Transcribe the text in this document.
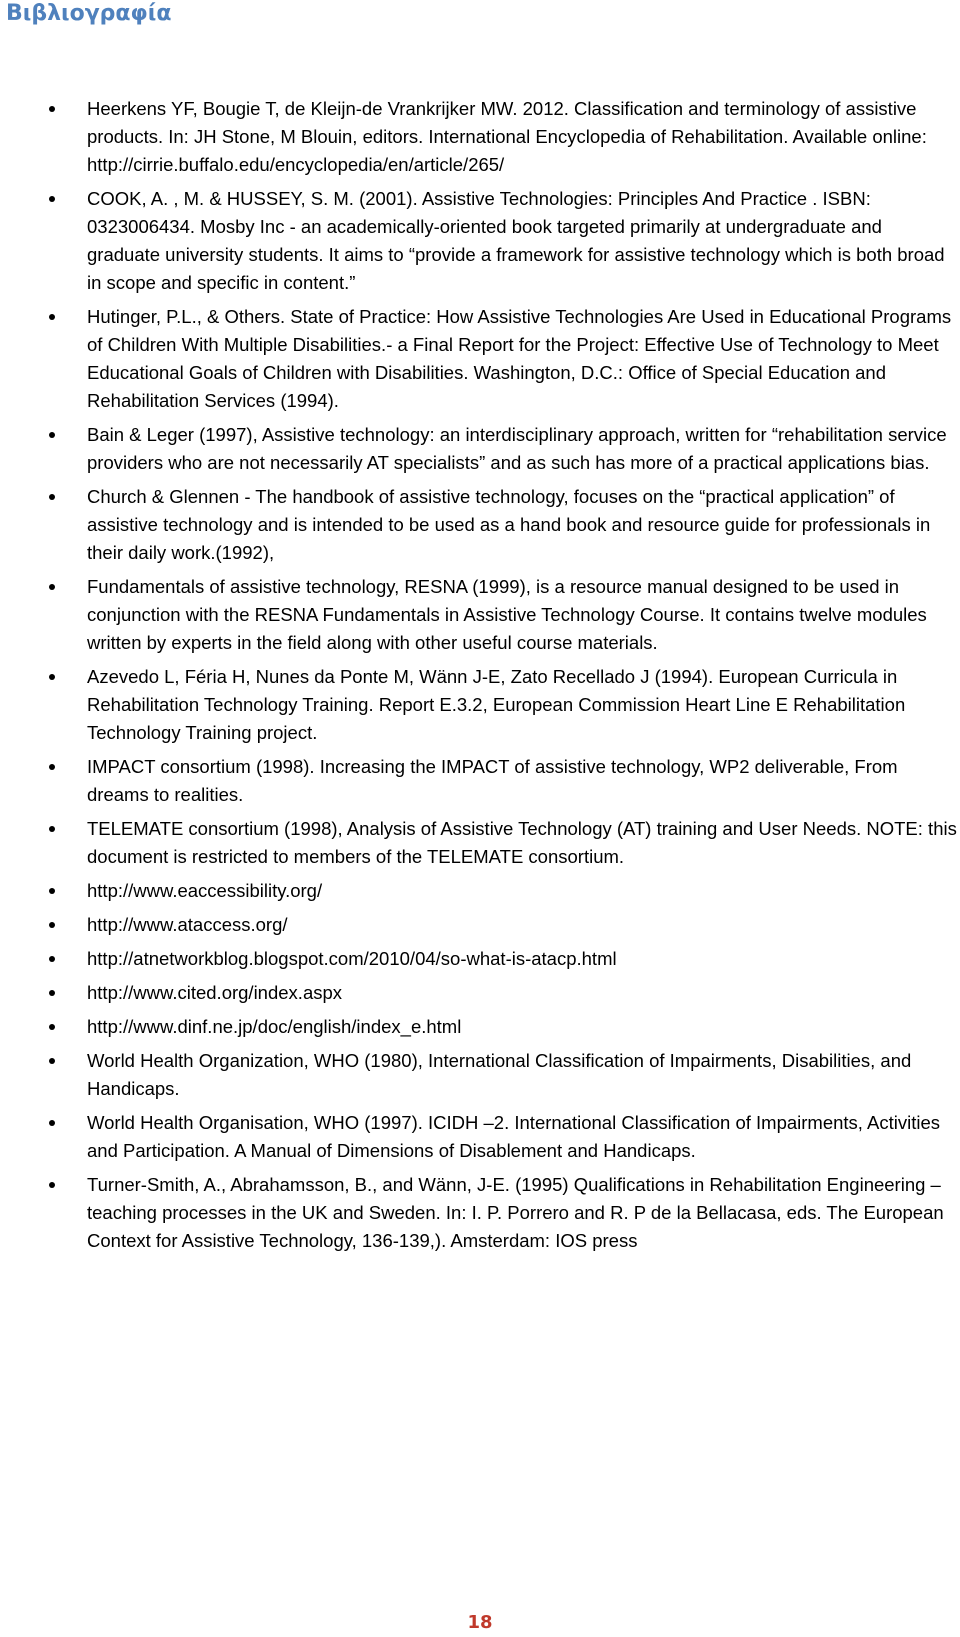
Βιβλιογραφία
Heerkens YF, Bougie T, de Kleijn-de Vrankrijker MW. 2012. Classification and terminology of assistive products. In: JH Stone, M Blouin, editors. International Encyclopedia of Rehabilitation. Available online: http://cirrie.buffalo.edu/encyclopedia/en/article/265/
COOK, A. , M. & HUSSEY, S. M. (2001). Assistive Technologies: Principles And Practice . ISBN: 0323006434. Mosby Inc - an academically-oriented book targeted primarily at undergraduate and graduate university students. It aims to “provide a framework for assistive technology which is both broad in scope and specific in content.”
Hutinger, P.L., & Others. State of Practice: How Assistive Technologies Are Used in Educational Programs of Children With Multiple Disabilities.- a Final Report for the Project: Effective Use of Technology to Meet Educational Goals of Children with Disabilities. Washington, D.C.: Office of Special Education and Rehabilitation Services (1994).
Bain & Leger (1997), Assistive technology: an interdisciplinary approach, written for “rehabilitation service providers who are not necessarily AT specialists” and as such has more of a practical applications bias.
Church & Glennen - The handbook of assistive technology, focuses on the “practical application” of assistive technology and is intended to be used as a hand book and resource guide for professionals in their daily work.(1992),
Fundamentals of assistive technology, RESNA (1999), is a resource manual designed to be used in conjunction with the RESNA Fundamentals in Assistive Technology Course. It contains twelve modules written by experts in the field along with other useful course materials.
Azevedo L, Féria H, Nunes da Ponte M, Wänn J-E, Zato Recellado J (1994). European Curricula in Rehabilitation Technology Training. Report E.3.2, European Commission Heart Line E Rehabilitation Technology Training project.
IMPACT consortium (1998). Increasing the IMPACT of assistive technology, WP2 deliverable, From dreams to realities.
TELEMATE consortium (1998), Analysis of Assistive Technology (AT) training and User Needs. NOTE: this document is restricted to members of the TELEMATE consortium.
http://www.eaccessibility.org/
http://www.ataccess.org/
http://atnetworkblog.blogspot.com/2010/04/so-what-is-atacp.html
http://www.cited.org/index.aspx
http://www.dinf.ne.jp/doc/english/index_e.html
World Health Organization, WHO (1980), International Classification of Impairments, Disabilities, and Handicaps.
World Health Organisation, WHO (1997). ICIDH –2. International Classification of Impairments, Activities and Participation. A Manual of Dimensions of Disablement and Handicaps.
Turner-Smith, A., Abrahamsson, B., and Wänn, J-E. (1995) Qualifications in Rehabilitation Engineering – teaching processes in the UK and Sweden. In: I. P. Porrero and R. P de la Bellacasa, eds. The European Context for Assistive Technology, 136-139,). Amsterdam: IOS press
18
